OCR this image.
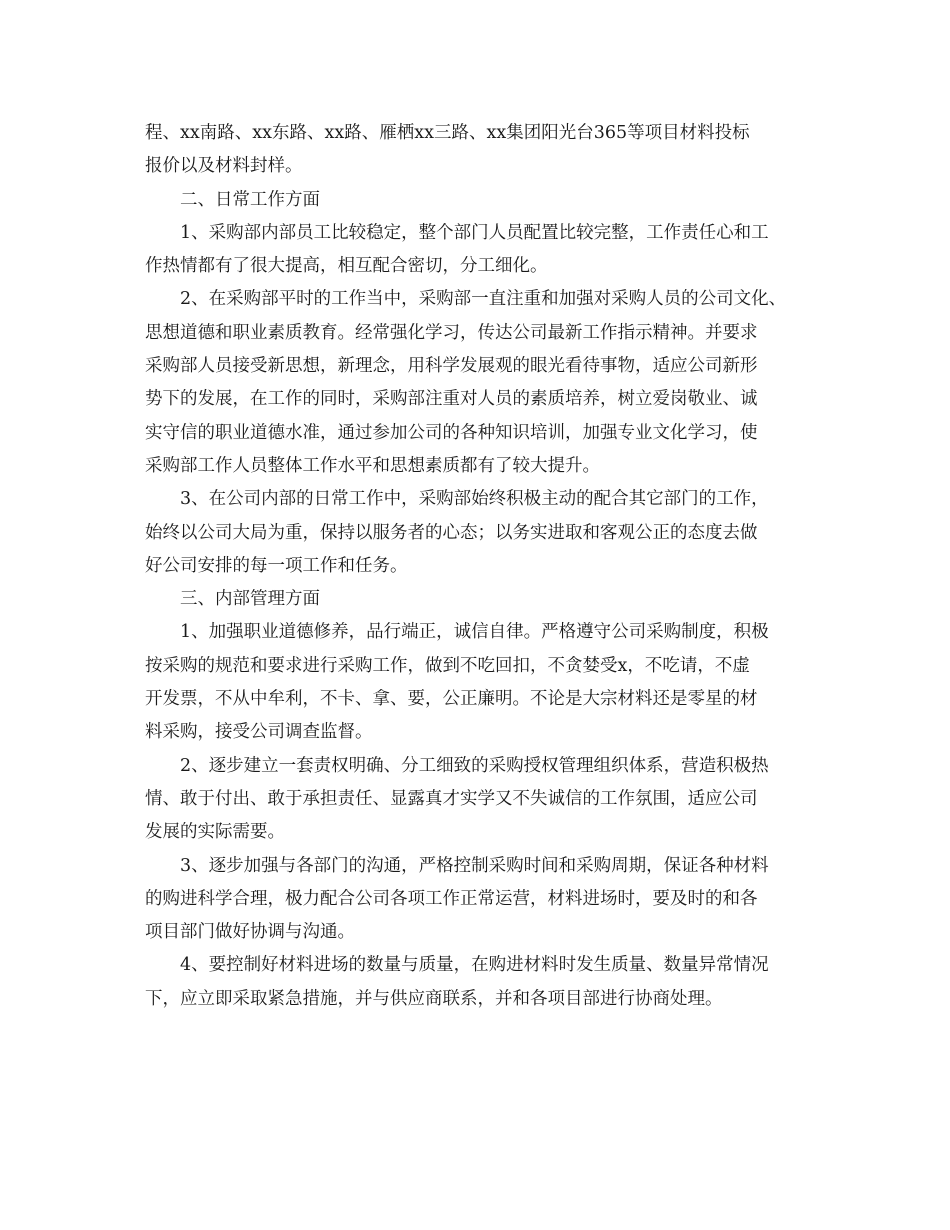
程、xx南路、xx东路、xx路、雁栖xx三路、xx集团阳光台365等项目材料投标
报价以及材料封样。
二、日常工作方面
1、采购部内部员工比较稳定，整个部门人员配置比较完整，工作责任心和工
作热情都有了很大提高，相互配合密切，分工细化。
2、在采购部平时的工作当中，采购部一直注重和加强对采购人员的公司文化、
思想道德和职业素质教育。经常强化学习，传达公司最新工作指示精神。并要求
采购部人员接受新思想，新理念，用科学发展观的眼光看待事物，适应公司新形
势下的发展，在工作的同时，采购部注重对人员的素质培养，树立爱岗敬业、诚
实守信的职业道德水准，通过参加公司的各种知识培训，加强专业文化学习，使
采购部工作人员整体工作水平和思想素质都有了较大提升。
3、在公司内部的日常工作中，采购部始终积极主动的配合其它部门的工作，
始终以公司大局为重，保持以服务者的心态；以务实进取和客观公正的态度去做
好公司安排的每一项工作和任务。
三、内部管理方面
1、加强职业道德修养，品行端正，诚信自律。严格遵守公司采购制度，积极
按采购的规范和要求进行采购工作，做到不吃回扣，不贪婪受x，不吃请，不虚
开发票，不从中牟利，不卡、拿、要，公正廉明。不论是大宗材料还是零星的材
料采购，接受公司调查监督。
2、逐步建立一套责权明确、分工细致的采购授权管理组织体系，营造积极热
情、敢于付出、敢于承担责任、显露真才实学又不失诚信的工作氛围，适应公司
发展的实际需要。
3、逐步加强与各部门的沟通，严格控制采购时间和采购周期，保证各种材料
的购进科学合理，极力配合公司各项工作正常运营，材料进场时，要及时的和各
项目部门做好协调与沟通。
4、要控制好材料进场的数量与质量，在购进材料时发生质量、数量异常情况
下，应立即采取紧急措施，并与供应商联系，并和各项目部进行协商处理。
